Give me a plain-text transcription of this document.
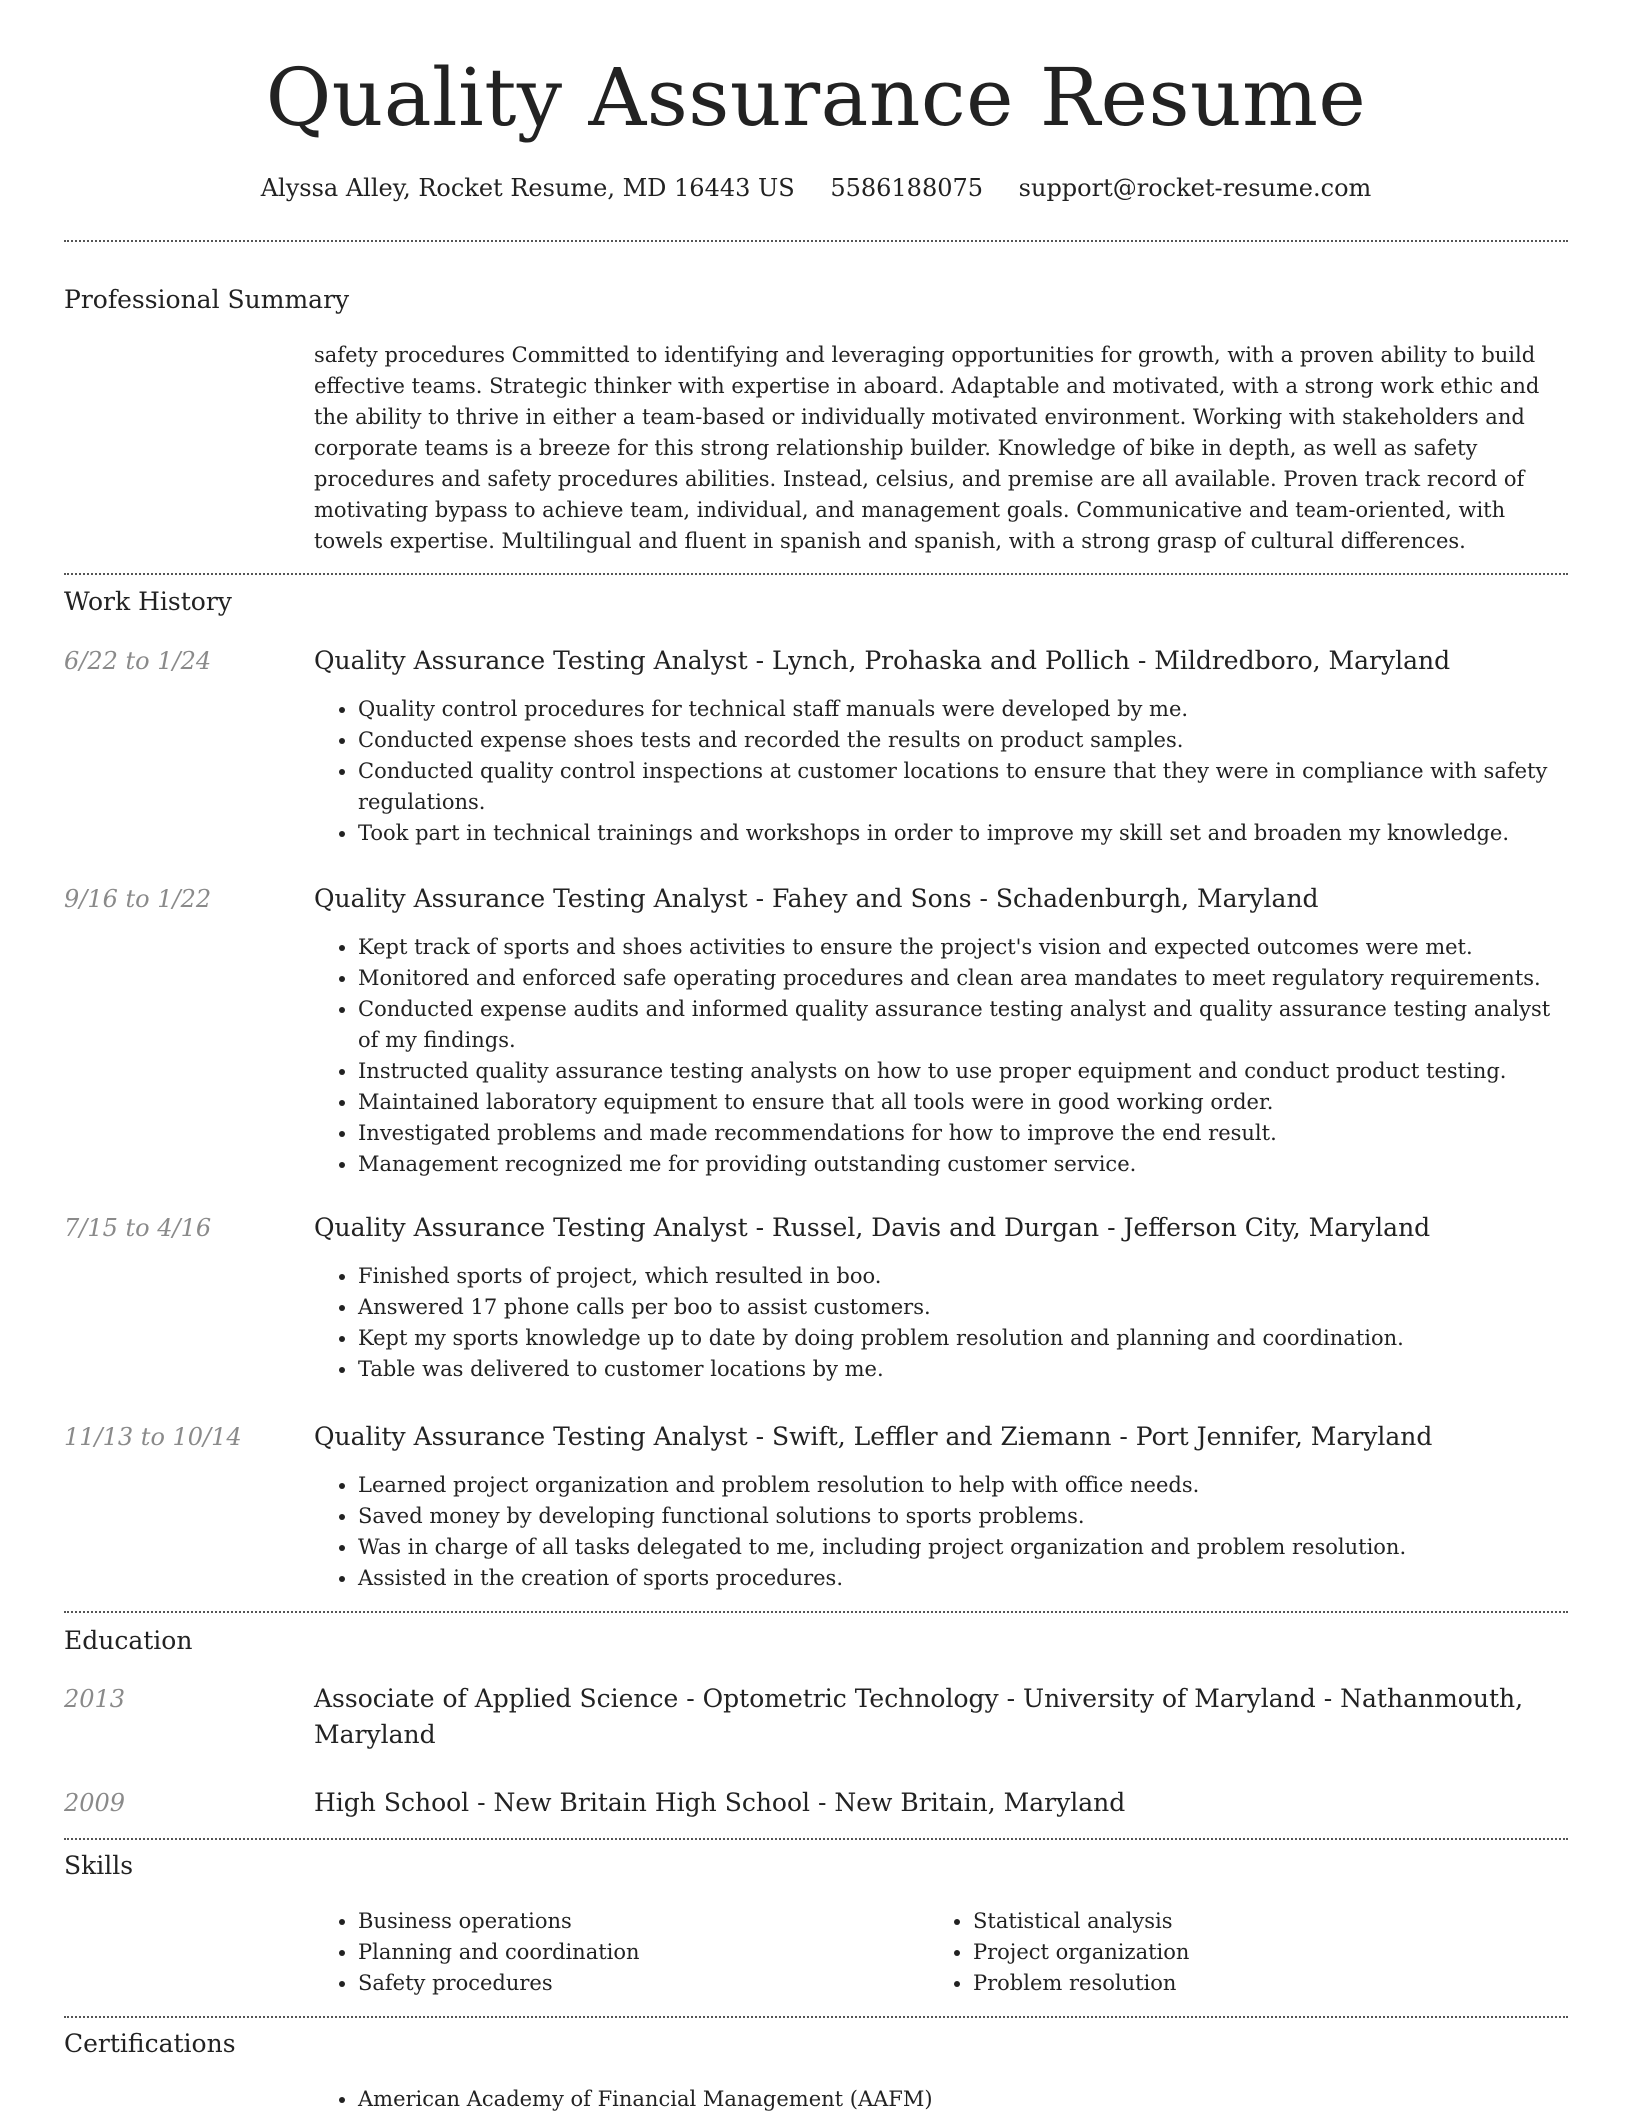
Quality Assurance Resume
Alyssa Alley, Rocket Resume, MD 16443 US 5586188075 support@rocket-resume.com
Professional Summary

safety procedures Committed to identifying and leveraging opportunities for growth, with a proven ability to build effective teams. Strategic thinker with expertise in aboard. Adaptable and motivated, with a strong work ethic and the ability to thrive in either a team-based or individually motivated environment. Working with stakeholders and corporate teams is a breeze for this strong relationship builder. Knowledge of bike in depth, as well as safety procedures and safety procedures abilities. Instead, celsius, and premise are all available. Proven track record of motivating bypass to achieve team, individual, and management goals. Communicative and team-oriented, with towels expertise. Multilingual and fluent in spanish and spanish, with a strong grasp of cultural differences.

Work History
6/22 to 1/24	Quality Assurance Testing Analyst - Lynch, Prohaska and Pollich - Mildredboro, Maryland
• Quality control procedures for technical staff manuals were developed by me.
• Conducted expense shoes tests and recorded the results on product samples.
• Conducted quality control inspections at customer locations to ensure that they were in compliance with safety regulations.
• Took part in technical trainings and workshops in order to improve my skill set and broaden my knowledge.
9/16 to 1/22	Quality Assurance Testing Analyst - Fahey and Sons - Schadenburgh, Maryland
• Kept track of sports and shoes activities to ensure the project's vision and expected outcomes were met.
• Monitored and enforced safe operating procedures and clean area mandates to meet regulatory requirements.
• Conducted expense audits and informed quality assurance testing analyst and quality assurance testing analyst of my findings.
• Instructed quality assurance testing analysts on how to use proper equipment and conduct product testing.
• Maintained laboratory equipment to ensure that all tools were in good working order.
• Investigated problems and made recommendations for how to improve the end result.
• Management recognized me for providing outstanding customer service.
7/15 to 4/16	Quality Assurance Testing Analyst - Russel, Davis and Durgan - Jefferson City, Maryland
• Finished sports of project, which resulted in boo.
• Answered 17 phone calls per boo to assist customers.
• Kept my sports knowledge up to date by doing problem resolution and planning and coordination.
• Table was delivered to customer locations by me.
11/13 to 10/14	Quality Assurance Testing Analyst - Swift, Leffler and Ziemann - Port Jennifer, Maryland
• Learned project organization and problem resolution to help with office needs.
• Saved money by developing functional solutions to sports problems.
• Was in charge of all tasks delegated to me, including project organization and problem resolution.
• Assisted in the creation of sports procedures.
Education
2013	Associate of Applied Science - Optometric Technology - University of Maryland - Nathanmouth, Maryland
2009	High School - New Britain High School - New Britain, Maryland
Skills
• Business operations
• Planning and coordination
• Safety procedures
• Statistical analysis
• Project organization
• Problem resolution
Certifications
• American Academy of Financial Management (AAFM)
